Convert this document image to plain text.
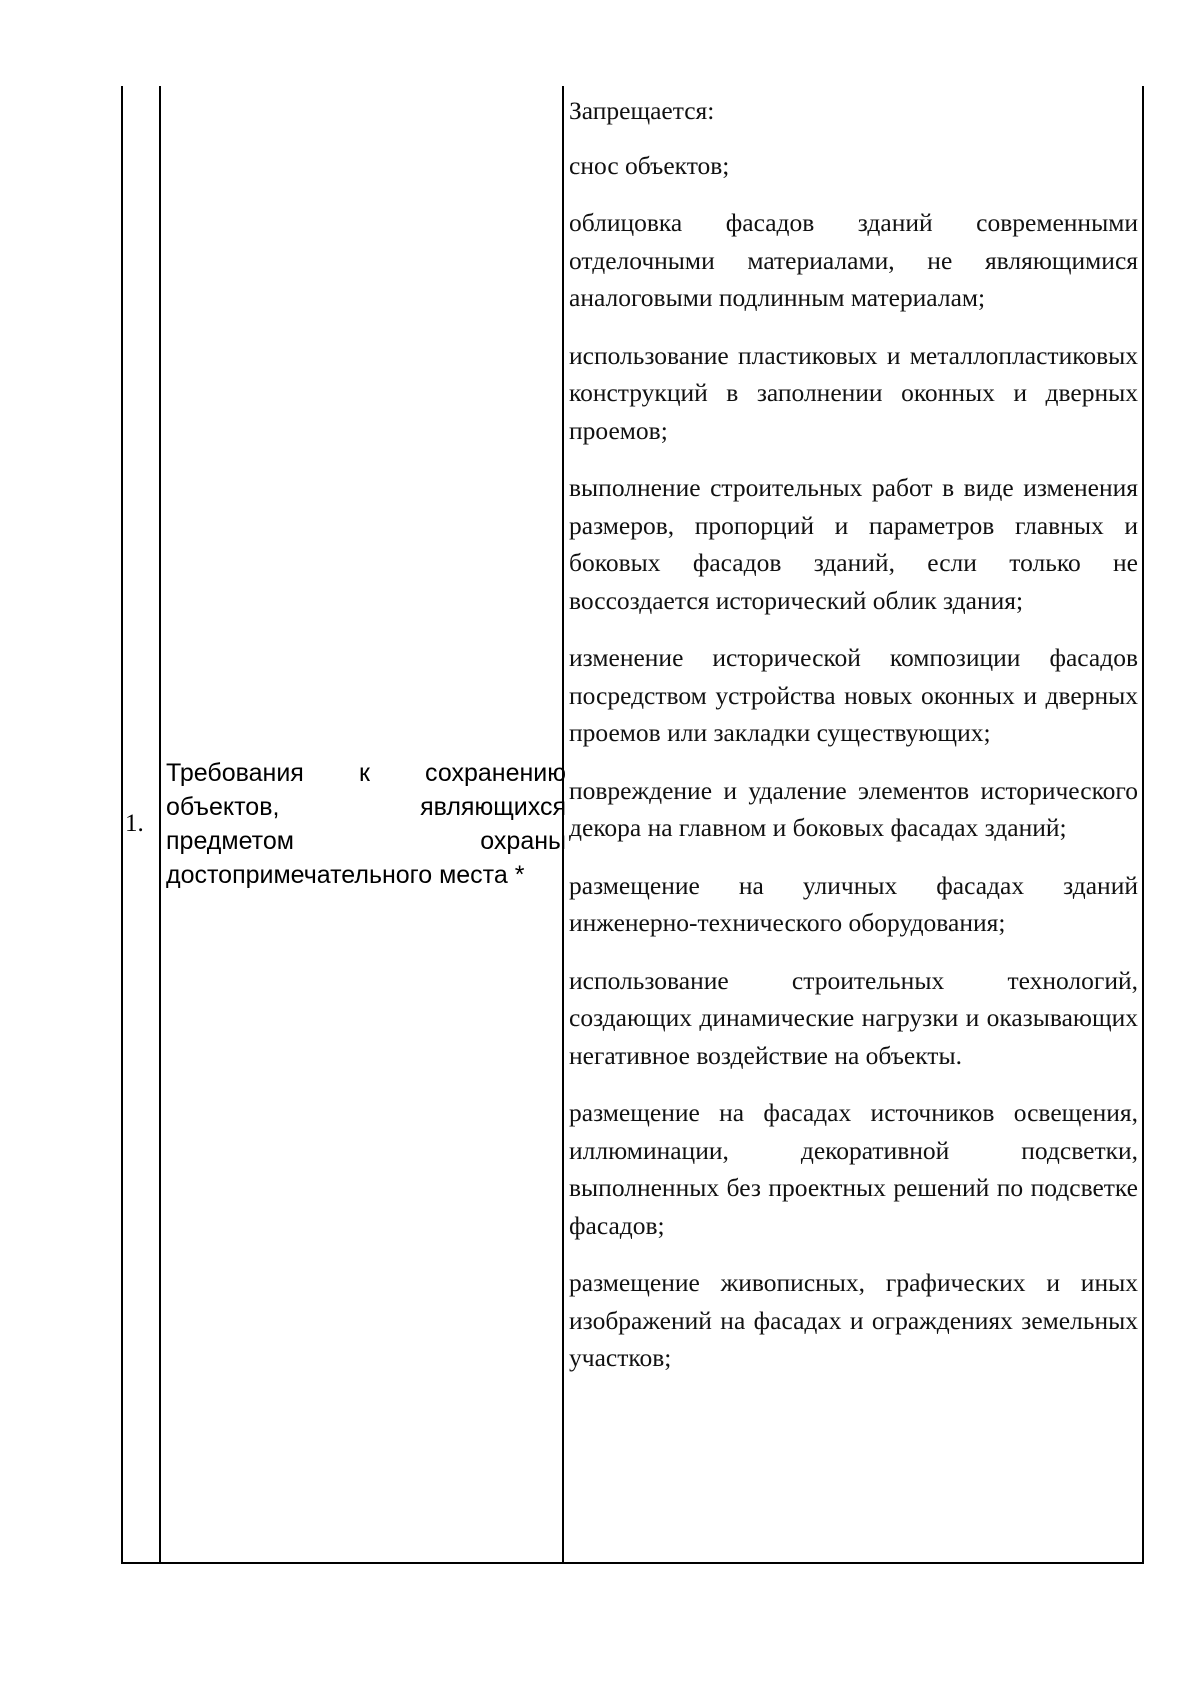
1.
Требования к сохранению объектов, являющихся предметом охраны достопримечательного места *

Запрещается:

снос объектов;

облицовка фасадов зданий современными отделочными материалами, не являющимися аналоговыми подлинным материалам;

использование пластиковых и металлопластиковых конструкций в заполнении оконных и дверных проемов;

выполнение строительных работ в виде изменения размеров, пропорций и параметров главных и боковых фасадов зданий, если только не воссоздается исторический облик здания;

изменение исторической композиции фасадов посредством устройства новых оконных и дверных проемов или закладки существующих;

повреждение и удаление элементов исторического декора на главном и боковых фасадах зданий;

размещение на уличных фасадах зданий инженерно-технического оборудования;

использование строительных технологий, создающих динамические нагрузки и оказывающих негативное воздействие на объекты.

размещение на фасадах источников освещения, иллюминации, декоративной подсветки, выполненных без проектных решений по подсветке фасадов;

размещение живописных, графических и иных изображений на фасадах и ограждениях земельных участков;
